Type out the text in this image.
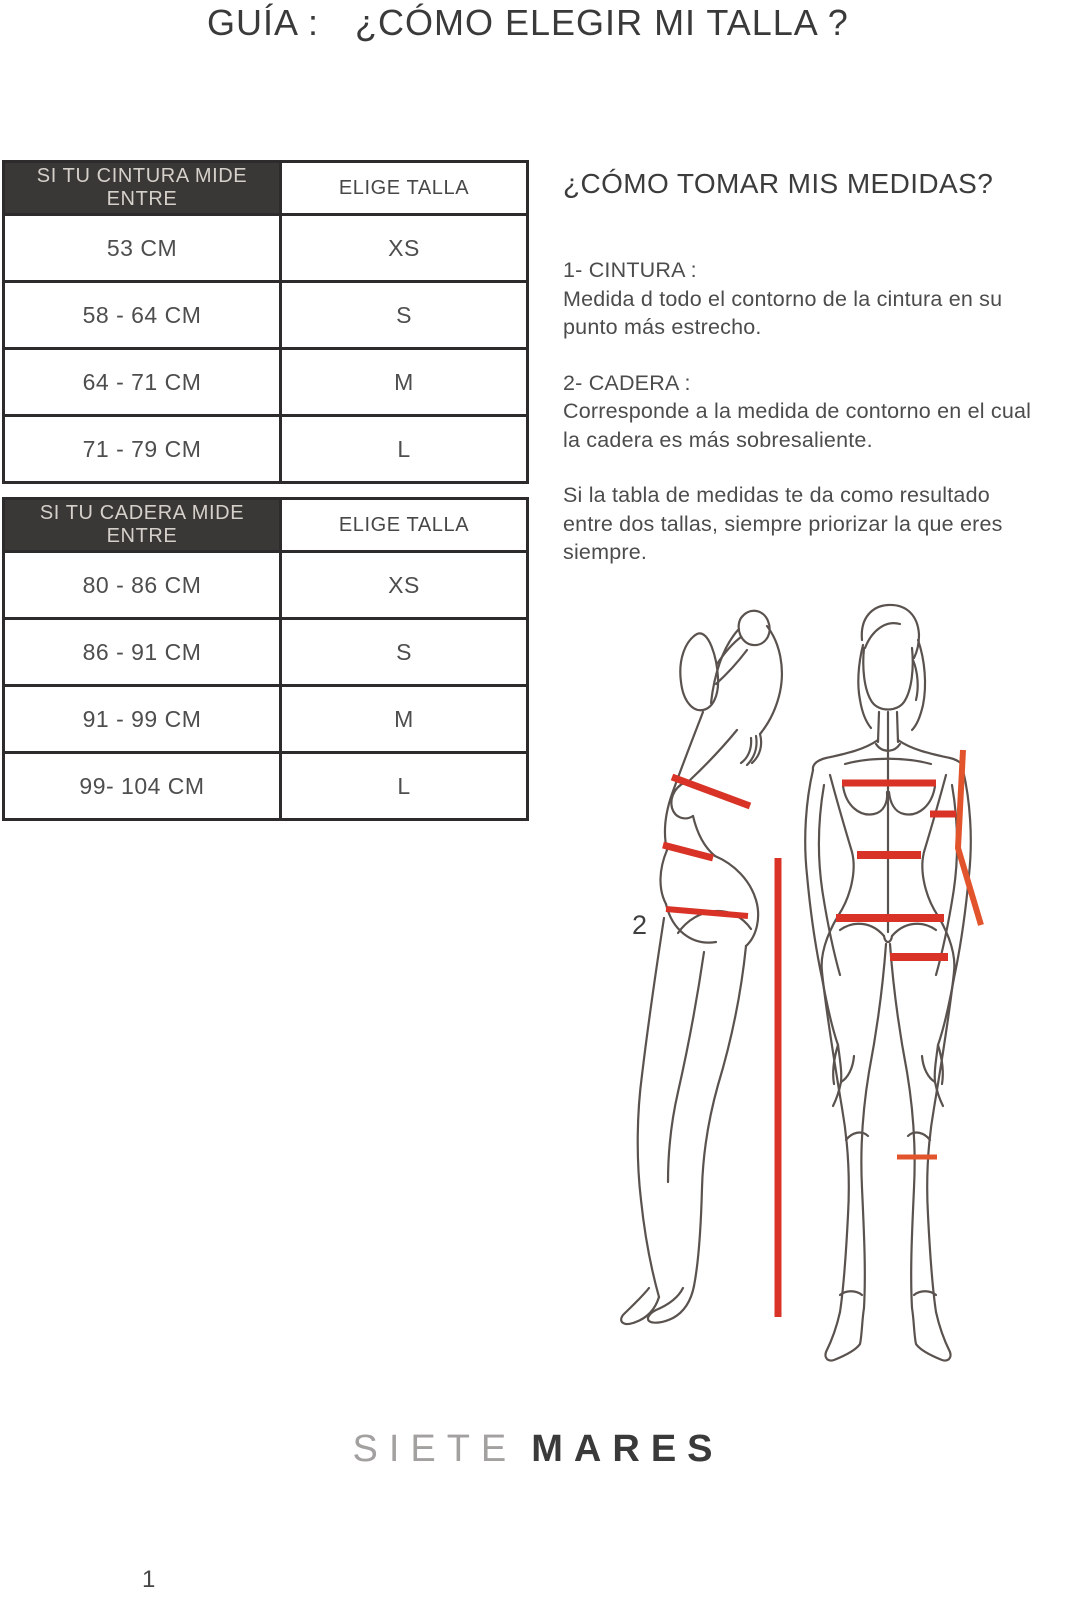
GUÍA : ¿CÓMO ELEGIR MI TALLA ?
SI TU CINTURA MIDE ENTRE	ELIGE TALLA
53 CM	XS
58 - 64 CM	S
64 - 71 CM	M
71 - 79 CM	L
SI TU CADERA MIDE ENTRE	ELIGE TALLA
80 - 86 CM	XS
86 - 91 CM	S
91 - 99 CM	M
99- 104 CM	L
¿CÓMO TOMAR MIS MEDIDAS?

1- CINTURA :

Medida d todo el contorno de la cintura en su punto más estrecho.

2- CADERA :

Corresponde a la medida de contorno en el cual la cadera es más sobresaliente.

Si la tabla de medidas te da como resultado entre dos tallas, siempre priorizar la que eres siempre.

2
SIETE MARES
1
